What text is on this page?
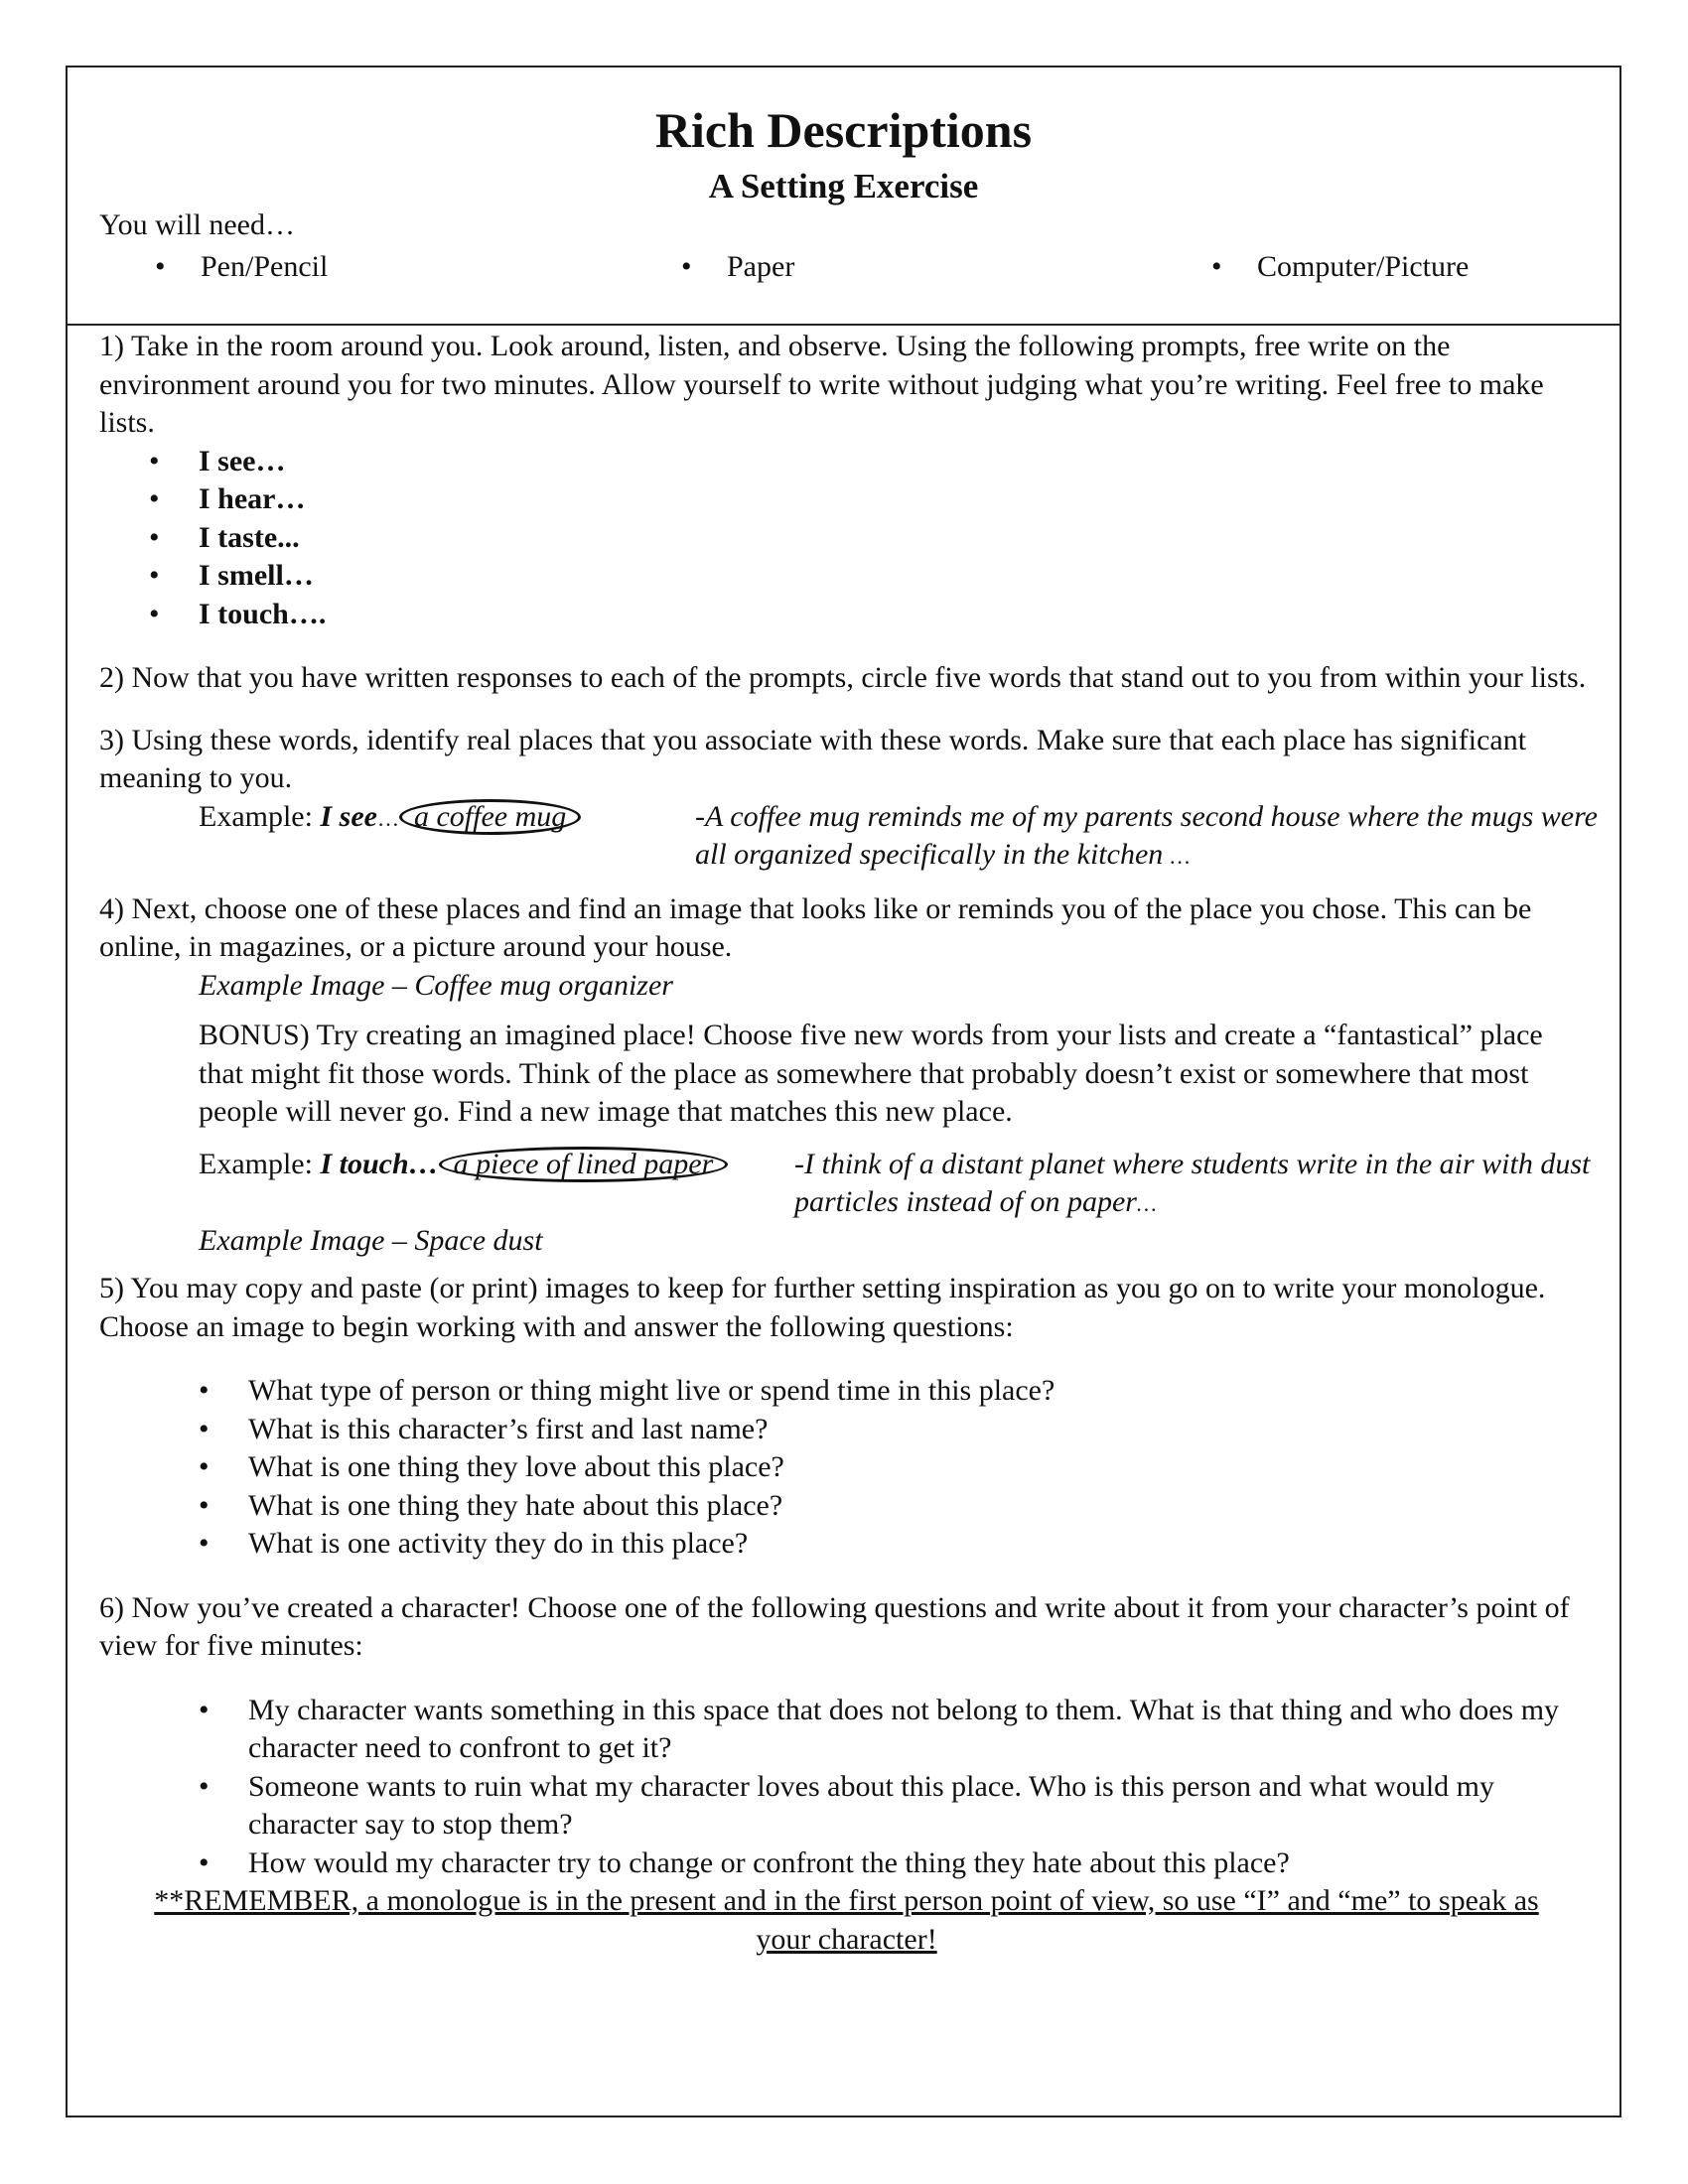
Rich Descriptions
A Setting Exercise
You will need…
• Pen/Pencil	• Paper	• Computer/Picture

1) Take in the room around you. Look around, listen, and observe. Using the following prompts, free write on the environment around you for two minutes. Allow yourself to write without judging what you’re writing. Feel free to make lists.

• I see…
• I hear…
• I taste...
• I smell…
• I touch….

2) Now that you have written responses to each of the prompts, circle five words that stand out to you from within your lists.

3) Using these words, identify real places that you associate with these words. Make sure that each place has significant meaning to you.

Example: I see… a coffee mug	-A coffee mug reminds me of my parents second house where the mugs were all organized specifically in the kitchen …

4) Next, choose one of these places and find an image that looks like or reminds you of the place you chose. This can be online, in magazines, or a picture around your house.

Example Image – Coffee mug organizer

BONUS) Try creating an imagined place! Choose five new words from your lists and create a “fantastical” place that might fit those words. Think of the place as somewhere that probably doesn’t exist or somewhere that most people will never go. Find a new image that matches this new place.

Example: I touch… a piece of lined paper	-I think of a distant planet where students write in the air with dust particles instead of on paper…

Example Image – Space dust

5) You may copy and paste (or print) images to keep for further setting inspiration as you go on to write your monologue. Choose an image to begin working with and answer the following questions:

• What type of person or thing might live or spend time in this place?
• What is this character’s first and last name?
• What is one thing they love about this place?
• What is one thing they hate about this place?
• What is one activity they do in this place?

6) Now you’ve created a character! Choose one of the following questions and write about it from your character’s point of view for five minutes:

• My character wants something in this space that does not belong to them. What is that thing and who does my character need to confront to get it?
• Someone wants to ruin what my character loves about this place. Who is this person and what would my character say to stop them?
• How would my character try to change or confront the thing they hate about this place?

**REMEMBER, a monologue is in the present and in the first person point of view, so use “I” and “me” to speak as your character!
